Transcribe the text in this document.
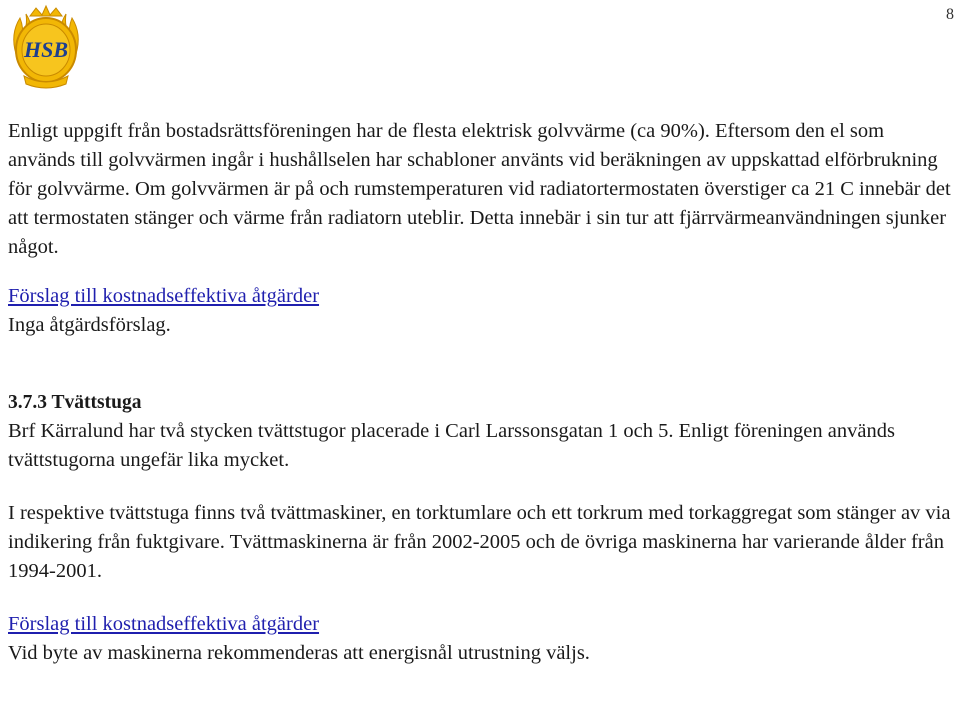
HSB
8

Enligt uppgift från bostadsrättsföreningen har de flesta elektrisk golvvärme (ca 90%). Eftersom den el som används till golvvärmen ingår i hushållselen har schabloner använts vid beräkningen av uppskattad elförbrukning för golvvärme. Om golvvärmen är på och rumstemperaturen vid radiatortermostaten överstiger ca 21 C innebär det att termostaten stänger och värme från radiatorn uteblir. Detta innebär i sin tur att fjärrvärmeanvändningen sjunker något.

Förslag till kostnadseffektiva åtgärder

Inga åtgärdsförslag.

3.7.3 Tvättstuga

Brf Kärralund har två stycken tvättstugor placerade i Carl Larssonsgatan 1 och 5. Enligt föreningen används tvättstugorna ungefär lika mycket.

I respektive tvättstuga finns två tvättmaskiner, en torktumlare och ett torkrum med torkaggregat som stänger av via indikering från fuktgivare. Tvättmaskinerna är från 2002-2005 och de övriga maskinerna har varierande ålder från 1994-2001.

Förslag till kostnadseffektiva åtgärder

Vid byte av maskinerna rekommenderas att energisnål utrustning väljs.
